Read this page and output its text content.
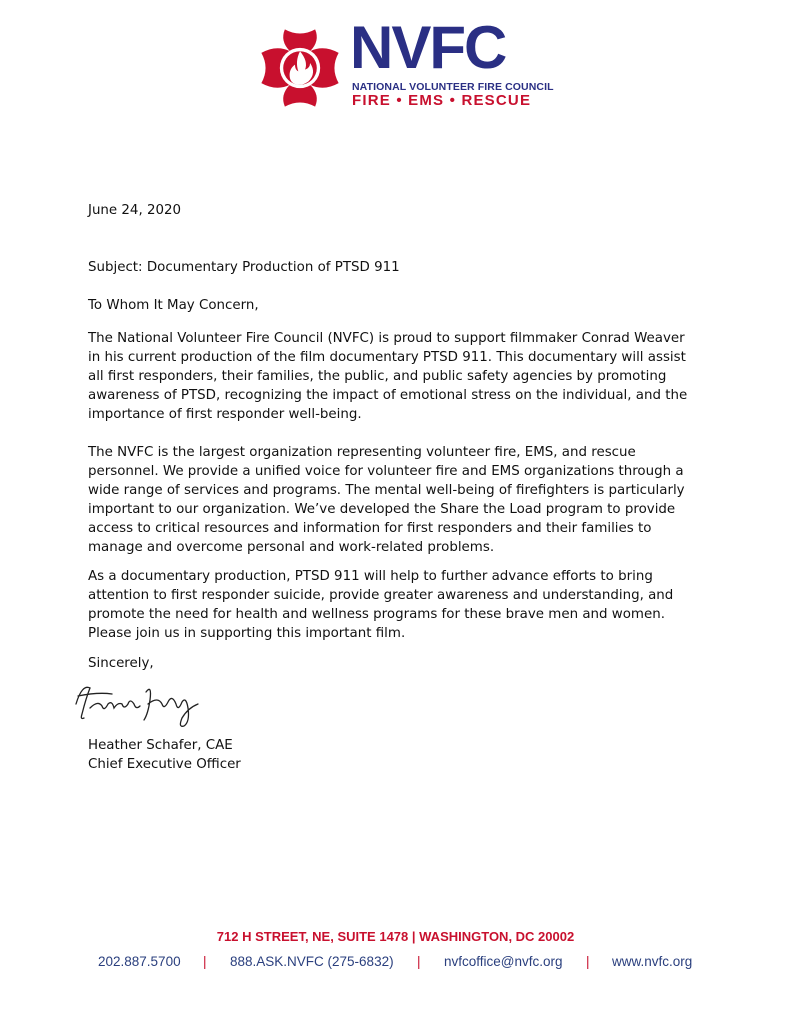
NVFC
NATIONAL VOLUNTEER FIRE COUNCIL
FIRE • EMS • RESCUE
June 24, 2020
Subject: Documentary Production of PTSD 911
To Whom It May Concern,
The National Volunteer Fire Council (NVFC) is proud to support filmmaker Conrad Weaver in his current production of the film documentary PTSD 911. This documentary will assist all first responders, their families, the public, and public safety agencies by promoting awareness of PTSD, recognizing the impact of emotional stress on the individual, and the importance of first responder well-being.
The NVFC is the largest organization representing volunteer fire, EMS, and rescue personnel. We provide a unified voice for volunteer fire and EMS organizations through a wide range of services and programs. The mental well-being of firefighters is particularly important to our organization. We’ve developed the Share the Load program to provide access to critical resources and information for first responders and their families to manage and overcome personal and work-related problems.
As a documentary production, PTSD 911 will help to further advance efforts to bring attention to first responder suicide, provide greater awareness and understanding, and promote the need for health and wellness programs for these brave men and women. Please join us in supporting this important film.
Sincerely,
Heather Schafer, CAE
Chief Executive Officer
712 H STREET, NE, SUITE 1478 | WASHINGTON, DC 20002
202.887.5700 | 888.ASK.NVFC (275-6832) | nvfcoffice@nvfc.org | www.nvfc.org
